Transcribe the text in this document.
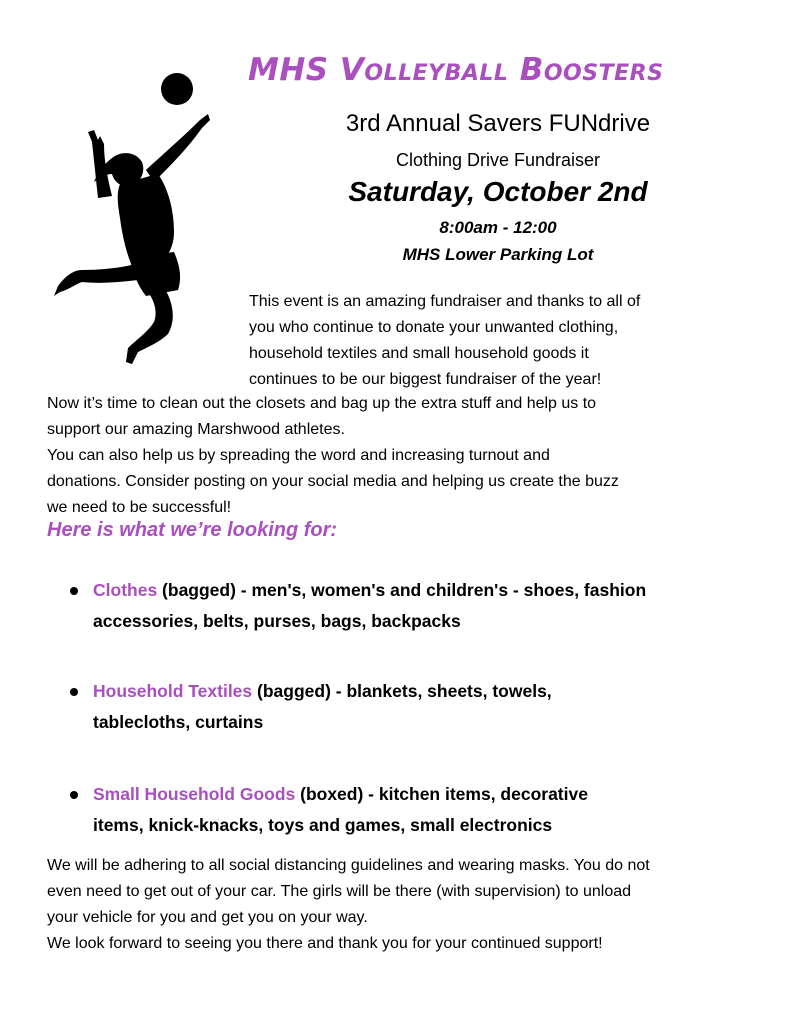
MHS Volleyball Boosters
3rd Annual Savers FUNdrive
Clothing Drive Fundraiser
Saturday, October 2nd
8:00am - 12:00
MHS Lower Parking Lot
This event is an amazing fundraiser and thanks to all of
you who continue to donate your unwanted clothing,
household textiles and small household goods it
continues to be our biggest fundraiser of the year!
Now it’s time to clean out the closets and bag up the extra stuff and help us to
support our amazing Marshwood athletes.
You can also help us by spreading the word and increasing turnout and
donations. Consider posting on your social media and helping us create the buzz
we need to be successful!
Here is what we’re looking for:
Clothes (bagged) - men's, women's and children's - shoes, fashion
accessories, belts, purses, bags, backpacks
Household Textiles (bagged) - blankets, sheets, towels,
tablecloths, curtains
Small Household Goods (boxed) - kitchen items, decorative
items, knick-knacks, toys and games, small electronics
We will be adhering to all social distancing guidelines and wearing masks. You do not
even need to get out of your car. The girls will be there (with supervision) to unload
your vehicle for you and get you on your way.
We look forward to seeing you there and thank you for your continued support!
